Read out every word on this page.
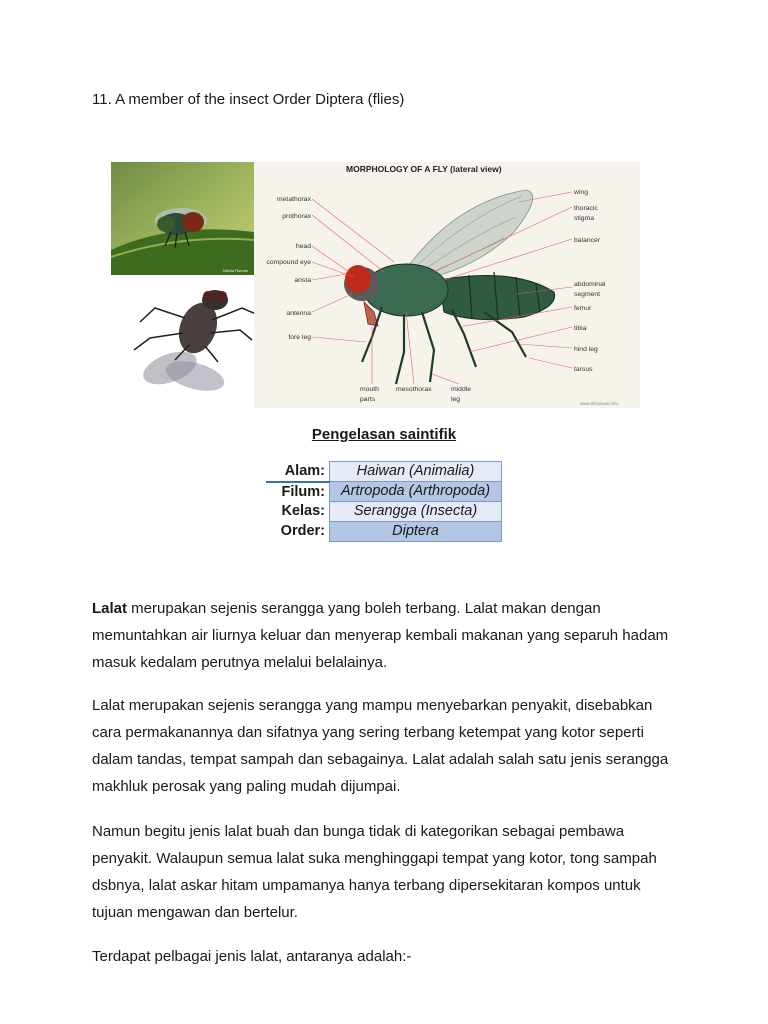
11. A member of the insect Order Diptera (flies)
Nikola Rahme
MORPHOLOGY OF A FLY (lateral view)
metathorax
prothorax
head
compound eye
arista
antenna
fore leg
wing
thoracic
stigma
balancer
abdominal
segment
femur
tibia
hind leg
tarsus
mouth
parts
mesothorax	middle
leg
www.infovisual.info
Pengelasan saintifik
Alam:	Haiwan (Animalia)
Filum:	Artropoda (Arthropoda)
Kelas:	Serangga (Insecta)
Order:	Diptera

Lalat merupakan sejenis serangga yang boleh terbang. Lalat makan dengan memuntahkan air liurnya keluar dan menyerap kembali makanan yang separuh hadam masuk kedalam perutnya melalui belalainya.

Lalat merupakan sejenis serangga yang mampu menyebarkan penyakit, disebabkan cara permakanannya dan sifatnya yang sering terbang ketempat yang kotor seperti dalam tandas, tempat sampah dan sebagainya. Lalat adalah salah satu jenis serangga makhluk perosak yang paling mudah dijumpai.

Namun begitu jenis lalat buah dan bunga tidak di kategorikan sebagai pembawa penyakit. Walaupun semua lalat suka menghinggapi tempat yang kotor, tong sampah dsbnya, lalat askar hitam umpamanya hanya terbang dipersekitaran kompos untuk tujuan mengawan dan bertelur.

Terdapat pelbagai jenis lalat, antaranya adalah:-
